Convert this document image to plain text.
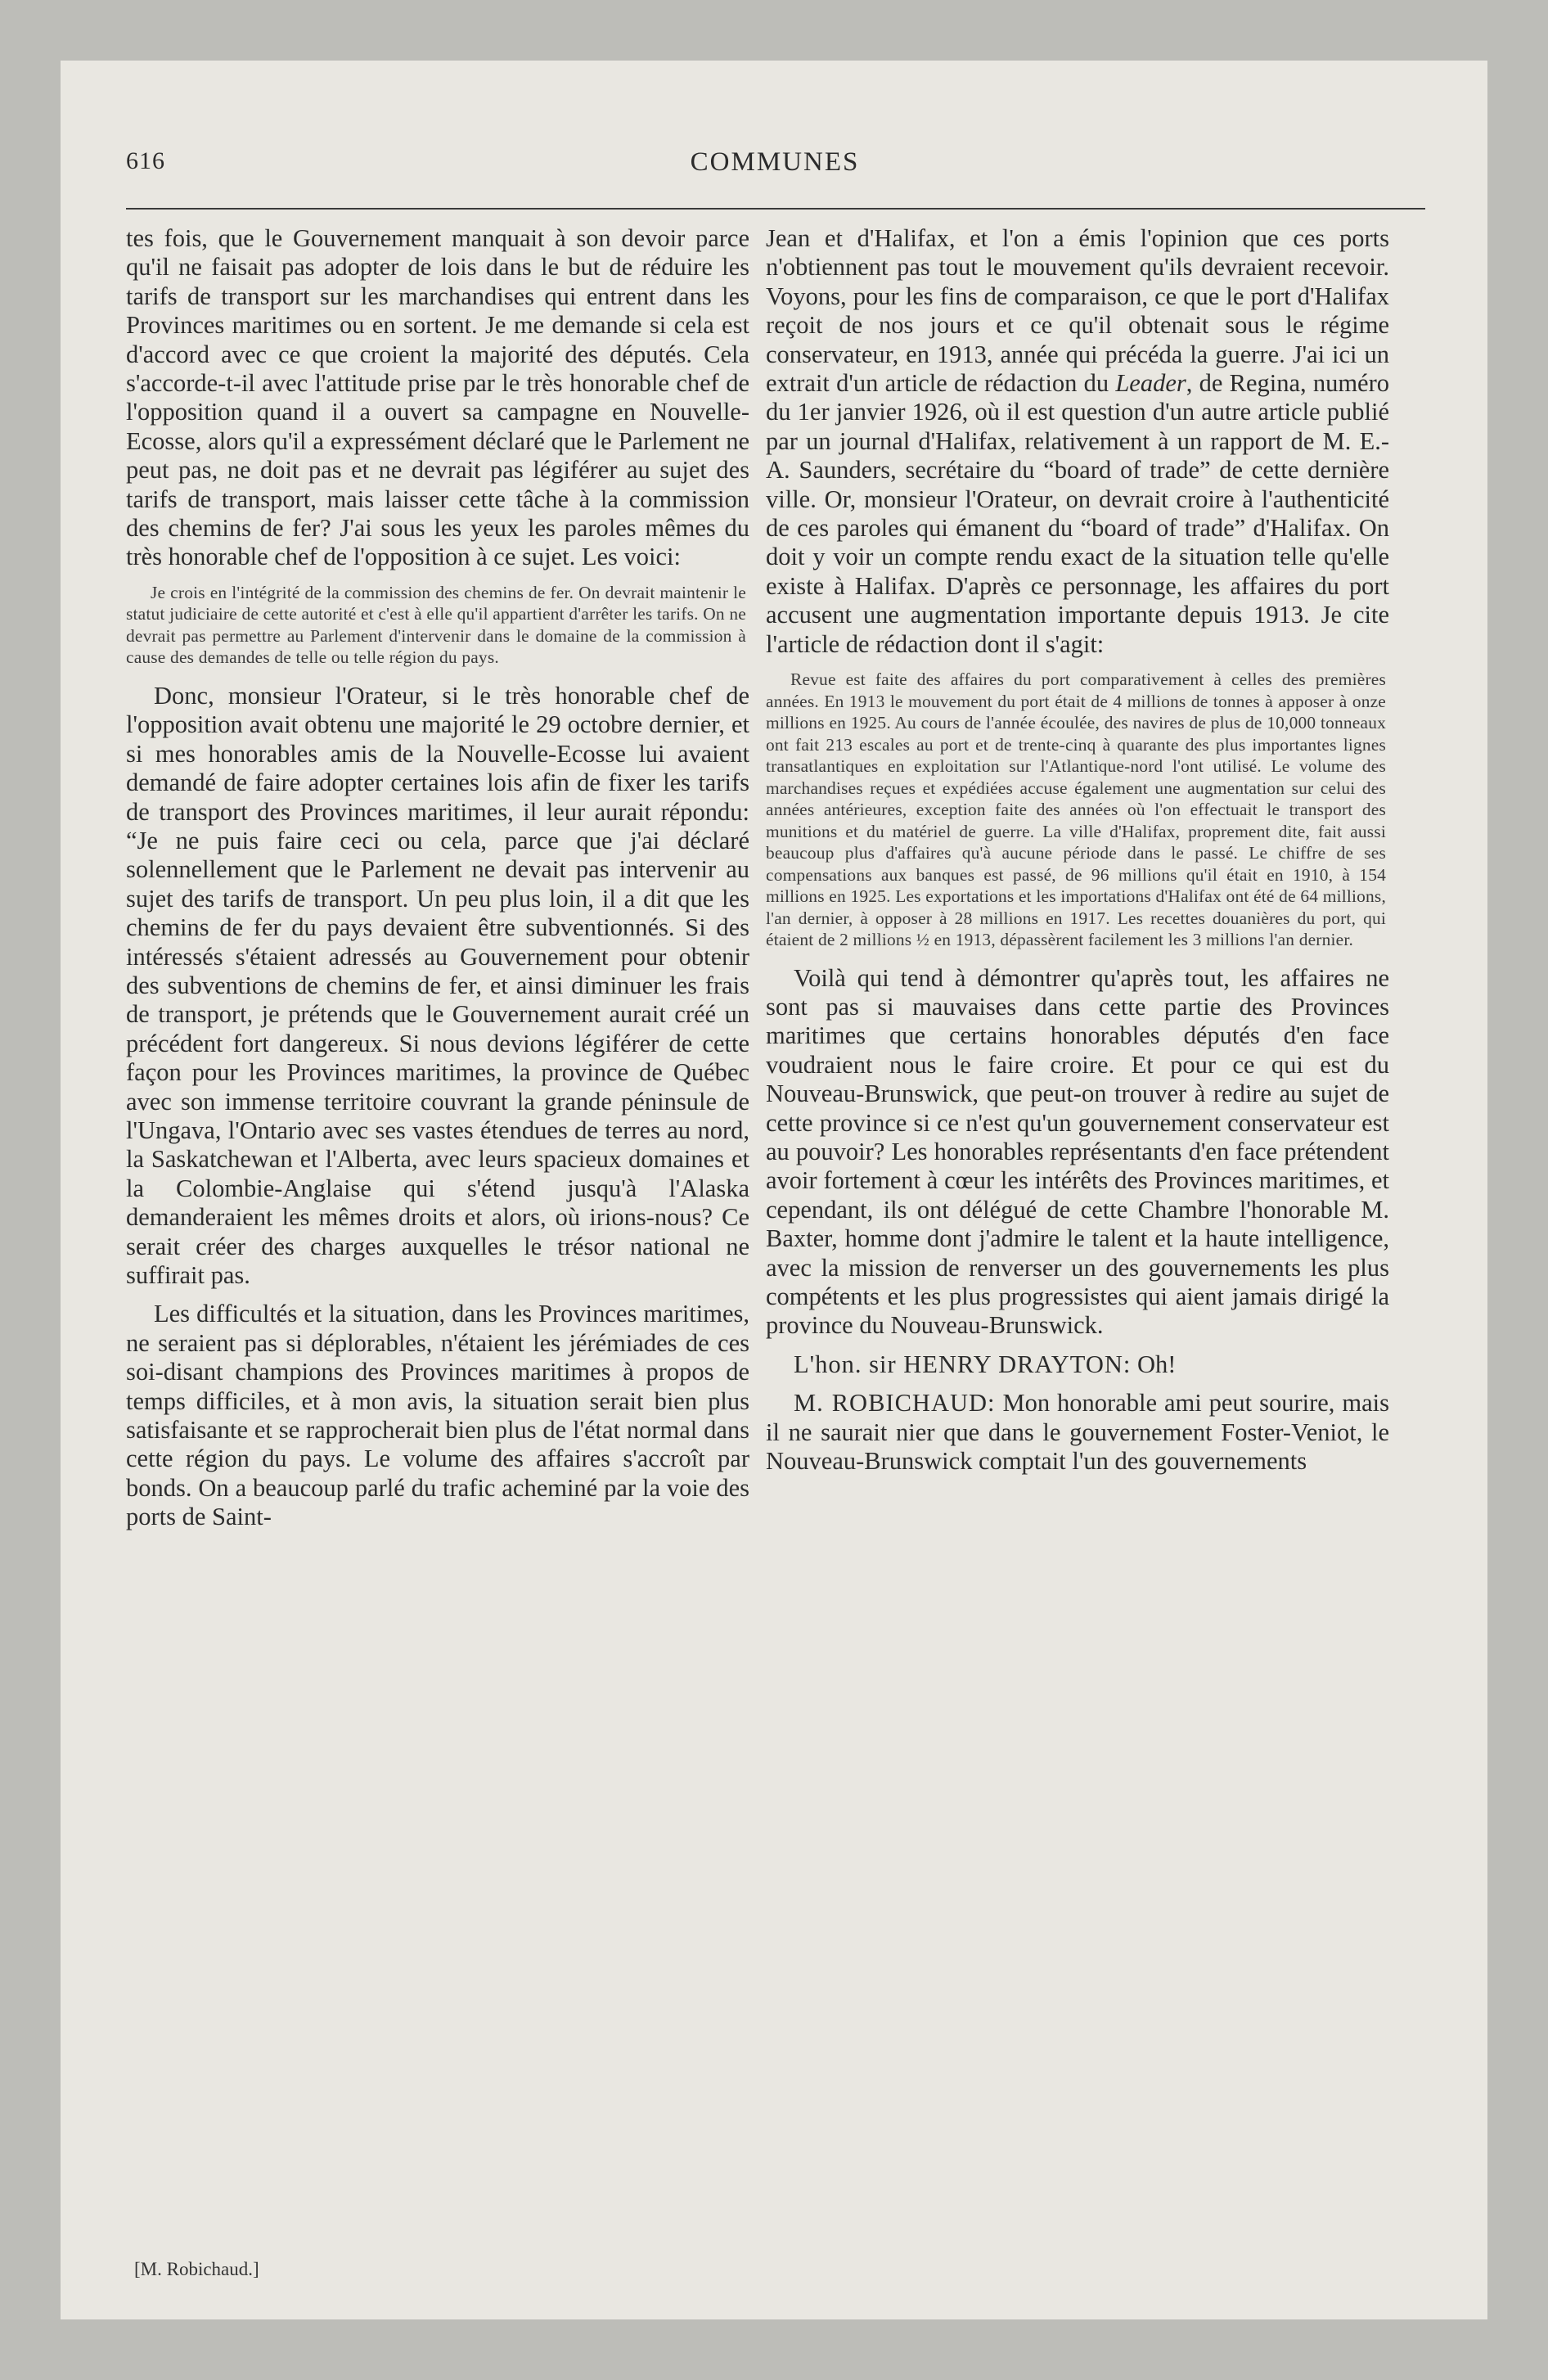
616	COMMUNES

tes fois, que le Gouvernement manquait à son devoir parce qu'il ne faisait pas adopter de lois dans le but de réduire les tarifs de transport sur les marchandises qui entrent dans les Provinces maritimes ou en sortent. Je me demande si cela est d'accord avec ce que croient la majorité des députés. Cela s'accorde-t-il avec l'attitude prise par le très honorable chef de l'opposition quand il a ouvert sa campagne en Nouvelle-Ecosse, alors qu'il a expressément déclaré que le Parlement ne peut pas, ne doit pas et ne devrait pas légiférer au sujet des tarifs de transport, mais laisser cette tâche à la commission des chemins de fer? J'ai sous les yeux les paroles mêmes du très honorable chef de l'opposition à ce sujet. Les voici:

Je crois en l'intégrité de la commission des chemins de fer. On devrait maintenir le statut judiciaire de cette autorité et c'est à elle qu'il appartient d'arrêter les tarifs. On ne devrait pas permettre au Parlement d'intervenir dans le domaine de la commission à cause des demandes de telle ou telle région du pays.

Donc, monsieur l'Orateur, si le très honorable chef de l'opposition avait obtenu une majorité le 29 octobre dernier, et si mes honorables amis de la Nouvelle-Ecosse lui avaient demandé de faire adopter certaines lois afin de fixer les tarifs de transport des Provinces maritimes, il leur aurait répondu: “Je ne puis faire ceci ou cela, parce que j'ai déclaré solennellement que le Parlement ne devait pas intervenir au sujet des tarifs de transport. Un peu plus loin, il a dit que les chemins de fer du pays devaient être subventionnés. Si des intéressés s'étaient adressés au Gouvernement pour obtenir des subventions de chemins de fer, et ainsi diminuer les frais de transport, je prétends que le Gouvernement aurait créé un précédent fort dangereux. Si nous devions légiférer de cette façon pour les Provinces maritimes, la province de Québec avec son immense territoire couvrant la grande péninsule de l'Ungava, l'Ontario avec ses vastes étendues de terres au nord, la Saskatchewan et l'Alberta, avec leurs spacieux domaines et la Colombie-Anglaise qui s'étend jusqu'à l'Alaska demanderaient les mêmes droits et alors, où irions-nous? Ce serait créer des charges auxquelles le trésor national ne suffirait pas.

Les difficultés et la situation, dans les Provinces maritimes, ne seraient pas si déplorables, n'étaient les jérémiades de ces soi-disant champions des Provinces maritimes à propos de temps difficiles, et à mon avis, la situation serait bien plus satisfaisante et se rapprocherait bien plus de l'état normal dans cette région du pays. Le volume des affaires s'accroît par bonds. On a beaucoup parlé du trafic acheminé par la voie des ports de Saint-

Jean et d'Halifax, et l'on a émis l'opinion que ces ports n'obtiennent pas tout le mouvement qu'ils devraient recevoir. Voyons, pour les fins de comparaison, ce que le port d'Halifax reçoit de nos jours et ce qu'il obtenait sous le régime conservateur, en 1913, année qui précéda la guerre. J'ai ici un extrait d'un article de rédaction du Leader, de Regina, numéro du 1er janvier 1926, où il est question d'un autre article publié par un journal d'Halifax, relativement à un rapport de M. E.-A. Saunders, secrétaire du “board of trade” de cette dernière ville. Or, monsieur l'Orateur, on devrait croire à l'authenticité de ces paroles qui émanent du “board of trade” d'Halifax. On doit y voir un compte rendu exact de la situation telle qu'elle existe à Halifax. D'après ce personnage, les affaires du port accusent une augmentation importante depuis 1913. Je cite l'article de rédaction dont il s'agit:

Revue est faite des affaires du port comparativement à celles des premières années. En 1913 le mouvement du port était de 4 millions de tonnes à apposer à onze millions en 1925. Au cours de l'année écoulée, des navires de plus de 10,000 tonneaux ont fait 213 escales au port et de trente-cinq à quarante des plus importantes lignes transatlantiques en exploitation sur l'Atlantique-nord l'ont utilisé. Le volume des marchandises reçues et expédiées accuse également une augmentation sur celui des années antérieures, exception faite des années où l'on effectuait le transport des munitions et du matériel de guerre. La ville d'Halifax, proprement dite, fait aussi beaucoup plus d'affaires qu'à aucune période dans le passé. Le chiffre de ses compensations aux banques est passé, de 96 millions qu'il était en 1910, à 154 millions en 1925. Les exportations et les importations d'Halifax ont été de 64 millions, l'an dernier, à opposer à 28 millions en 1917. Les recettes douanières du port, qui étaient de 2 millions ½ en 1913, dépassèrent facilement les 3 millions l'an dernier.

Voilà qui tend à démontrer qu'après tout, les affaires ne sont pas si mauvaises dans cette partie des Provinces maritimes que certains honorables députés d'en face voudraient nous le faire croire. Et pour ce qui est du Nouveau-Brunswick, que peut-on trouver à redire au sujet de cette province si ce n'est qu'un gouvernement conservateur est au pouvoir? Les honorables représentants d'en face prétendent avoir fortement à cœur les intérêts des Provinces maritimes, et cependant, ils ont délégué de cette Chambre l'honorable M. Baxter, homme dont j'admire le talent et la haute intelligence, avec la mission de renverser un des gouvernements les plus compétents et les plus progressistes qui aient jamais dirigé la province du Nouveau-Brunswick.

L'hon. sir HENRY DRAYTON: Oh!

M. ROBICHAUD: Mon honorable ami peut sourire, mais il ne saurait nier que dans le gouvernement Foster-Veniot, le Nouveau-Brunswick comptait l'un des gouvernements

[M. Robichaud.]
